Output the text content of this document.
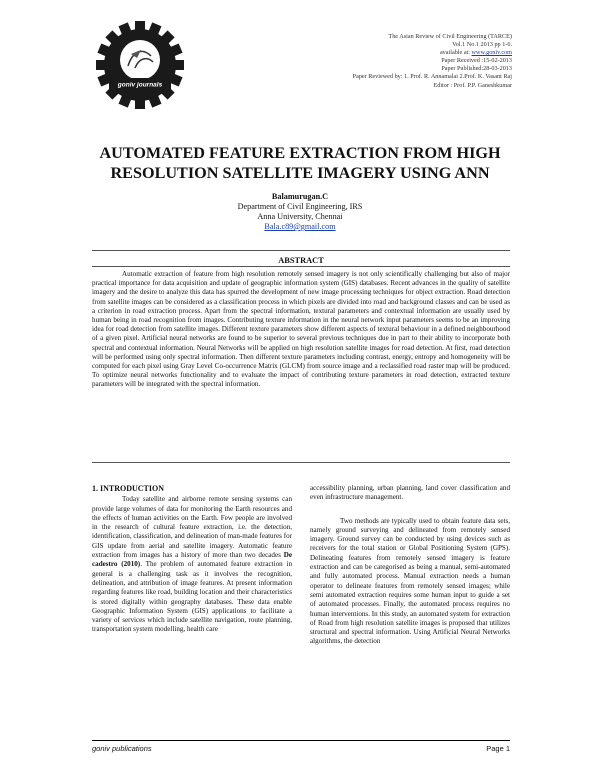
goniv journals
The Asian Review of Civil Engineering (TARCE)
Vol.1 No.1 2013 pp 1-6.
available at: www.goniv.com
Paper Received :15-02-2013
Paper Published:28-03-2013
Paper Reviewed by: 1. Prof. R. Annamalai 2.Prof. K. Vasant Raj
Editor : Prof. P.P. Ganeshkumar
AUTOMATED FEATURE EXTRACTION FROM HIGH
RESOLUTION SATELLITE IMAGERY USING ANN
Balamurugan.C
Department of Civil Engineering, IRS
Anna University, Chennai
Bala.c89@gmail.com
ABSTRACT

Automatic extraction of feature from high resolution remotely sensed imagery is not only scientifically challenging but also of major practical importance for data acquisition and update of geographic information system (GIS) databases. Recent advances in the quality of satellite imagery and the desire to analyze this data has spurred the development of new image processing techniques for object extraction. Road detection from satellite images can be considered as a classification process in which pixels are divided into road and background classes and can be used as a criterion in road extraction process. Apart from the spectral information, textural parameters and contextual information are usually used by human being in road recognition from images. Contributing texture information in the neural network input parameters seems to be an improving idea for road detection from satellite images. Different texture parameters show different aspects of textural behaviour in a defined neighbourhood of a given pixel. Artificial neural networks are found to be superior to several previous techniques due in part to their ability to incorporate both spectral and contextual information. Neural Networks will be applied on high resolution satellite images for road detection. At first, road detection will be performed using only spectral information. Then different texture parameters including contrast, energy, entropy and homogeneity will be computed for each pixel using Gray Level Co-occurrence Matrix (GLCM) from source image and a reclassified road raster map will be produced. To optimize neural networks functionality and to evaluate the impact of contributing texture parameters in road detection, extracted texture parameters will be integrated with the spectral information.

1. INTRODUCTION

Today satellite and airborne remote sensing systems can provide large volumes of data for monitoring the Earth resources and the effects of human activities on the Earth. Few people are involved in the research of cultural feature extraction, i.e. the detection, identification, classification, and delineation of man-made features for GIS update from aerial and satellite imagery. Automatic feature extraction from images has a history of more than two decades De cadestro (2010). The problem of automated feature extraction in general is a challenging task as it involves the recognition, delineation, and attribution of image features. At present information regarding features like road, building location and their characteristics is stored digitally within geography databases. These data enable Geographic Information System (GIS) applications to facilitate a variety of services which include satellite navigation, route planning, transportation system modelling, health care

accessibility planning, urban planning, land cover classification and even infrastructure management.

Two methods are typically used to obtain feature data sets, namely ground surveying and delineated from remotely sensed imagery. Ground survey can be conducted by using devices such as receivers for the total station or Global Positioning System (GPS). Delineating features from remotely sensed imagery is feature extraction and can be categorised as being a manual, semi-automated and fully automated process. Manual extraction needs a human operator to delineate features from remotely sensed images; while semi automated extraction requires some human input to guide a set of automated processes. Finally, the automated process requires no human interventions. In this study, an automated system for extraction of Road from high resolution satellite images is proposed that utilizes structural and spectral information. Using Artificial Neural Networks algorithms, the detection

goniv publications	Page 1
